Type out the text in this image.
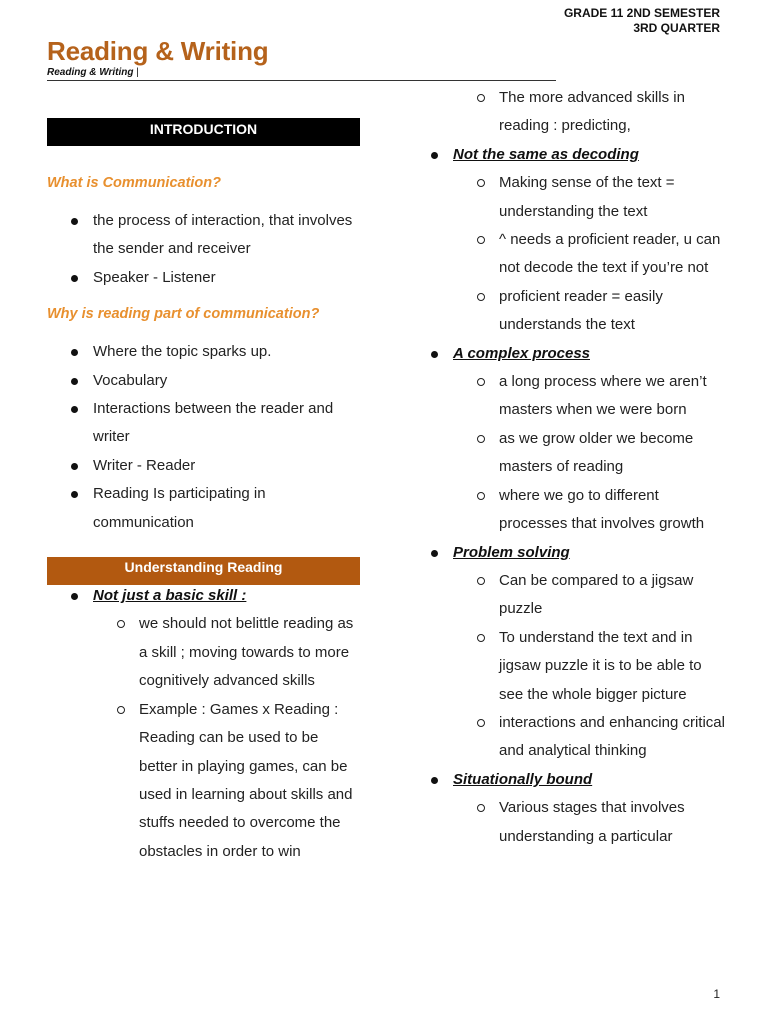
GRADE 11 2ND SEMESTER
3RD QUARTER
Reading & Writing
Reading & Writing |
INTRODUCTION

What is Communication?

the process of interaction, that involves the sender and receiver
Speaker - Listener

Why is reading part of communication?

Where the topic sparks up.
Vocabulary
Interactions between the reader and writer
Writer - Reader
Reading Is participating in communication
Understanding Reading
Not just a basic skill :
we should not belittle reading as a skill ; moving towards to more cognitively advanced skills
Example : Games x Reading : Reading can be used to be better in playing games, can be used in learning about skills and stuffs needed to overcome the obstacles in order to win
The more advanced skills in reading : predicting,
Not the same as decoding
Making sense of the text = understanding the text
^ needs a proficient reader, u can not decode the text if you’re not
proficient reader = easily understands the text
A complex process
a long process where we aren’t masters when we were born
as we grow older we become masters of reading
where we go to different processes that involves growth
Problem solving
Can be compared to a jigsaw puzzle
To understand the text and in jigsaw puzzle it is to be able to see the whole bigger picture
interactions and enhancing critical and analytical thinking
Situationally bound
Various stages that involves understanding a particular
1
